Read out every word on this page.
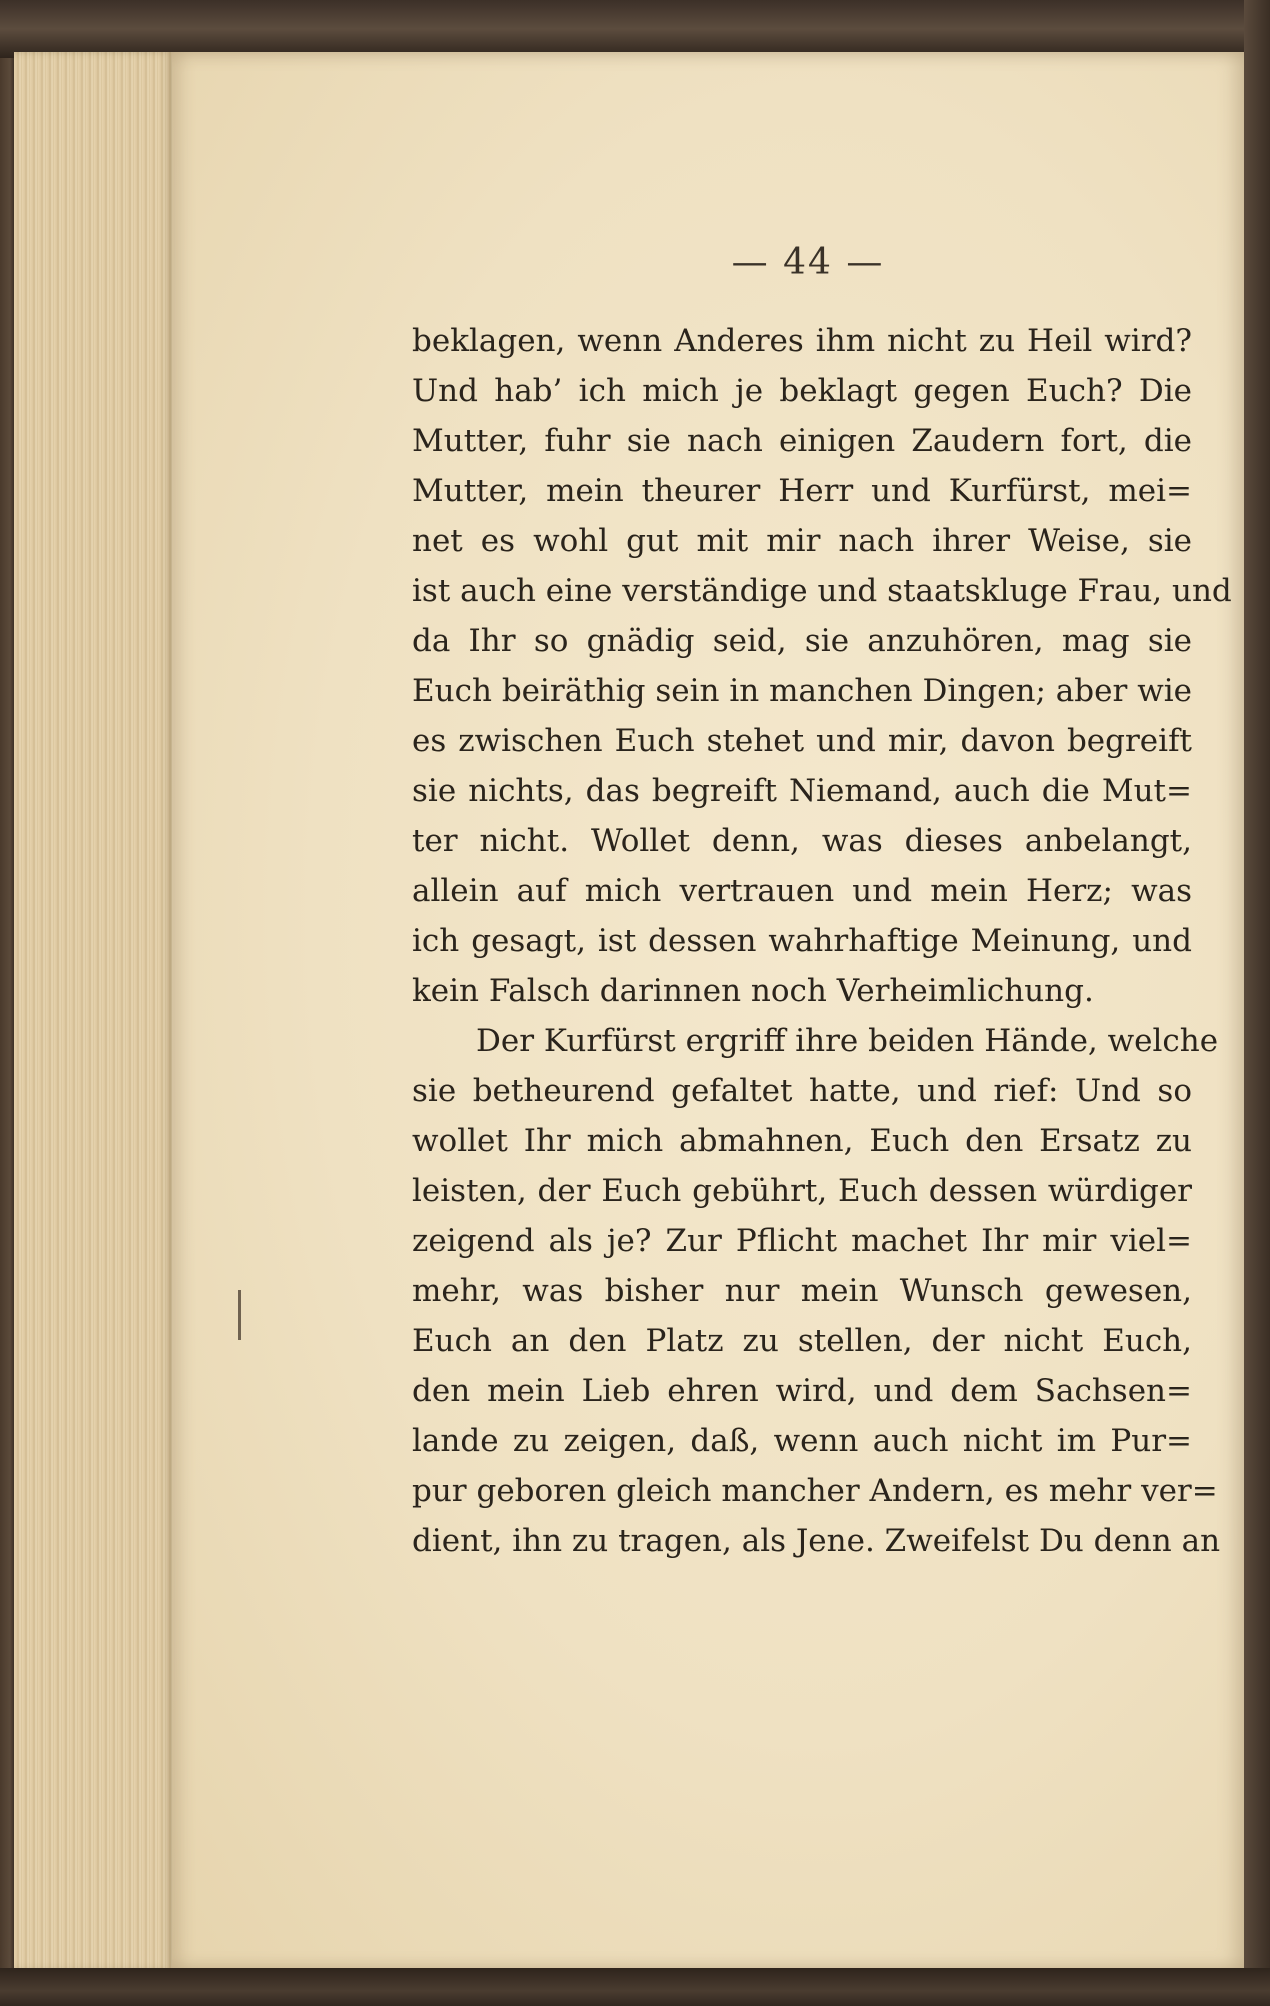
— 44 —
beklagen, wenn Anderes ihm nicht zu Heil wird?
Und hab’ ich mich je beklagt gegen Euch? Die
Mutter, fuhr sie nach einigen Zaudern fort, die
Mutter, mein theurer Herr und Kurfürst, mei=
net es wohl gut mit mir nach ihrer Weise, sie
ist auch eine verständige und staatskluge Frau, und
da Ihr so gnädig seid, sie anzuhören, mag sie
Euch beiräthig sein in manchen Dingen; aber wie
es zwischen Euch stehet und mir, davon begreift
sie nichts, das begreift Niemand, auch die Mut=
ter nicht. Wollet denn, was dieses anbelangt,
allein auf mich vertrauen und mein Herz; was
ich gesagt, ist dessen wahrhaftige Meinung, und
kein Falsch darinnen noch Verheimlichung.
Der Kurfürst ergriff ihre beiden Hände, welche
sie betheurend gefaltet hatte, und rief: Und so
wollet Ihr mich abmahnen, Euch den Ersatz zu
leisten, der Euch gebührt, Euch dessen würdiger
zeigend als je? Zur Pflicht machet Ihr mir viel=
mehr, was bisher nur mein Wunsch gewesen,
Euch an den Platz zu stellen, der nicht Euch,
den mein Lieb ehren wird, und dem Sachsen=
lande zu zeigen, daß, wenn auch nicht im Pur=
pur geboren gleich mancher Andern, es mehr ver=
dient, ihn zu tragen, als Jene. Zweifelst Du denn an
